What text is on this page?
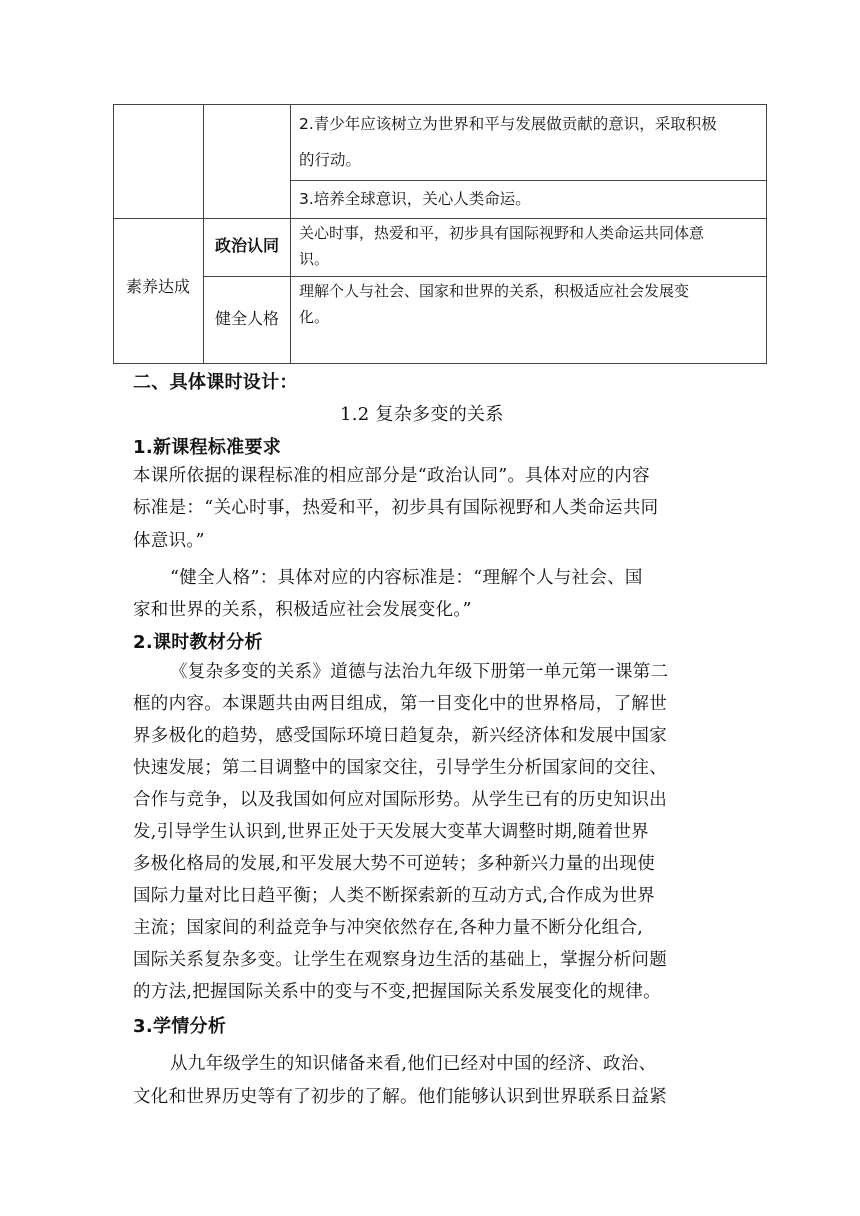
2.青少年应该树立为世界和平与发展做贡献的意识，采取积极
的行动。
3.培养全球意识，关心人类命运。
素养达成
政治认同
关心时事，热爱和平，初步具有国际视野和人类命运共同体意
识。
健全人格
理解个人与社会、国家和世界的关系，积极适应社会发展变
化。
二、具体课时设计：
1.2 复杂多变的关系
1.新课程标准要求
本课所依据的课程标准的相应部分是“政治认同”。具体对应的内容
标准是：“关心时事，热爱和平，初步具有国际视野和人类命运共同
体意识。”
“健全人格”：具体对应的内容标准是：“理解个人与社会、国
家和世界的关系，积极适应社会发展变化。”
2.课时教材分析
《复杂多变的关系》道德与法治九年级下册第一单元第一课第二
框的内容。本课题共由两目组成，第一目变化中的世界格局，了解世
界多极化的趋势，感受国际环境日趋复杂，新兴经济体和发展中国家
快速发展；第二目调整中的国家交往，引导学生分析国家间的交往、
合作与竞争，以及我国如何应对国际形势。从学生已有的历史知识出
发,引导学生认识到,世界正处于天发展大变革大调整时期,随着世界
多极化格局的发展,和平发展大势不可逆转；多种新兴力量的出现使
国际力量对比日趋平衡；人类不断探索新的互动方式,合作成为世界
主流；国家间的利益竞争与冲突依然存在,各种力量不断分化组合,
国际关系复杂多变。让学生在观察身边生活的基础上，掌握分析问题
的方法,把握国际关系中的变与不变,把握国际关系发展变化的规律。
3.学情分析
从九年级学生的知识储备来看,他们已经对中国的经济、政治、
文化和世界历史等有了初步的了解。他们能够认识到世界联系日益紧
